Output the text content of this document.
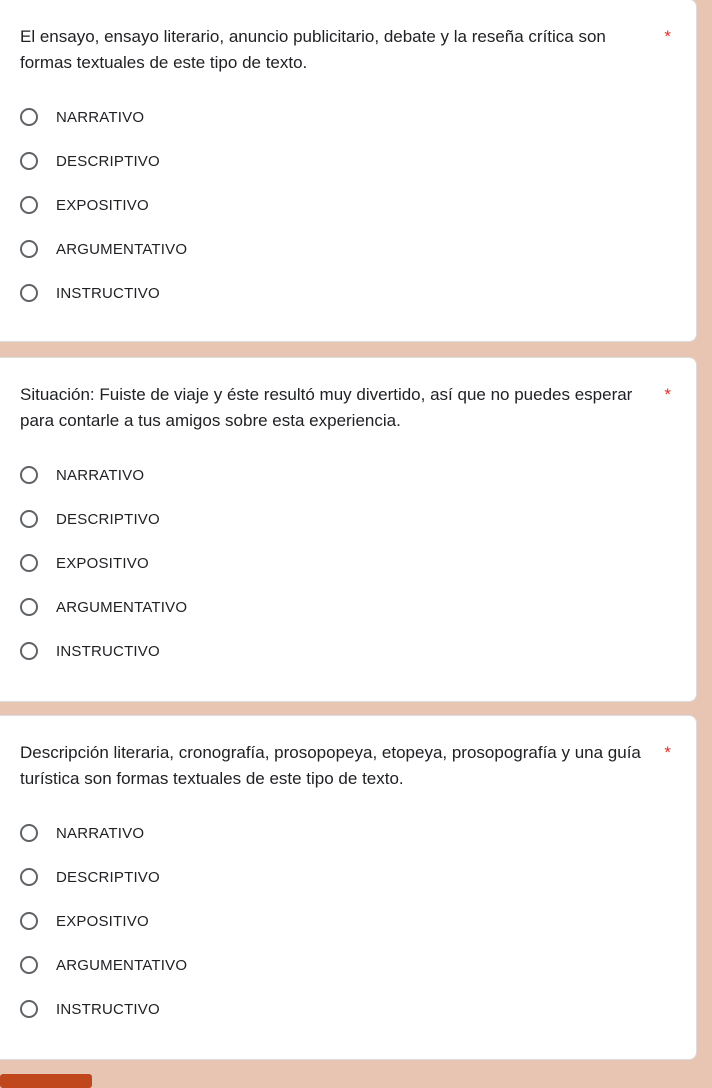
El ensayo, ensayo literario, anuncio publicitario, debate y la reseña crítica son formas textuales de este tipo de texto.
*
NARRATIVO
DESCRIPTIVO
EXPOSITIVO
ARGUMENTATIVO
INSTRUCTIVO
Situación: Fuiste de viaje y éste resultó muy divertido, así que no puedes esperar para contarle a tus amigos sobre esta experiencia.
*
NARRATIVO
DESCRIPTIVO
EXPOSITIVO
ARGUMENTATIVO
INSTRUCTIVO
Descripción literaria, cronografía, prosopopeya, etopeya, prosopografía y una guía turística son formas textuales de este tipo de texto.
*
NARRATIVO
DESCRIPTIVO
EXPOSITIVO
ARGUMENTATIVO
INSTRUCTIVO
